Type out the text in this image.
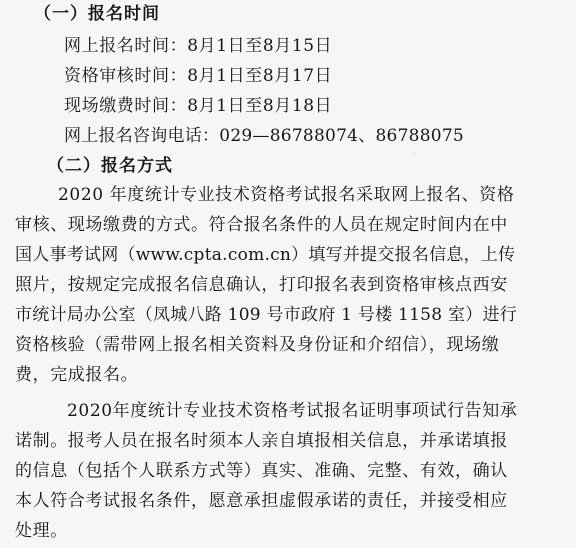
（一）报名时间
网上报名时间：8月1日至8月15日
资格审核时间：8月1日至8月17日
现场缴费时间：8月1日至8月18日
网上报名咨询电话：029—86788074、86788075
（二）报名方式
2020 年度统计专业技术资格考试报名采取网上报名、资格
审核、现场缴费的方式。符合报名条件的人员在规定时间内在中
国人事考试网（www.cpta.com.cn）填写并提交报名信息，上传
照片，按规定完成报名信息确认，打印报名表到资格审核点西安
市统计局办公室（凤城八路 109 号市政府 1 号楼 1158 室）进行
资格核验（需带网上报名相关资料及身份证和介绍信），现场缴
费，完成报名。
2020年度统计专业技术资格考试报名证明事项试行告知承
诺制。报考人员在报名时须本人亲自填报相关信息，并承诺填报
的信息（包括个人联系方式等）真实、准确、完整、有效，确认
本人符合考试报名条件，愿意承担虚假承诺的责任，并接受相应
处理。
